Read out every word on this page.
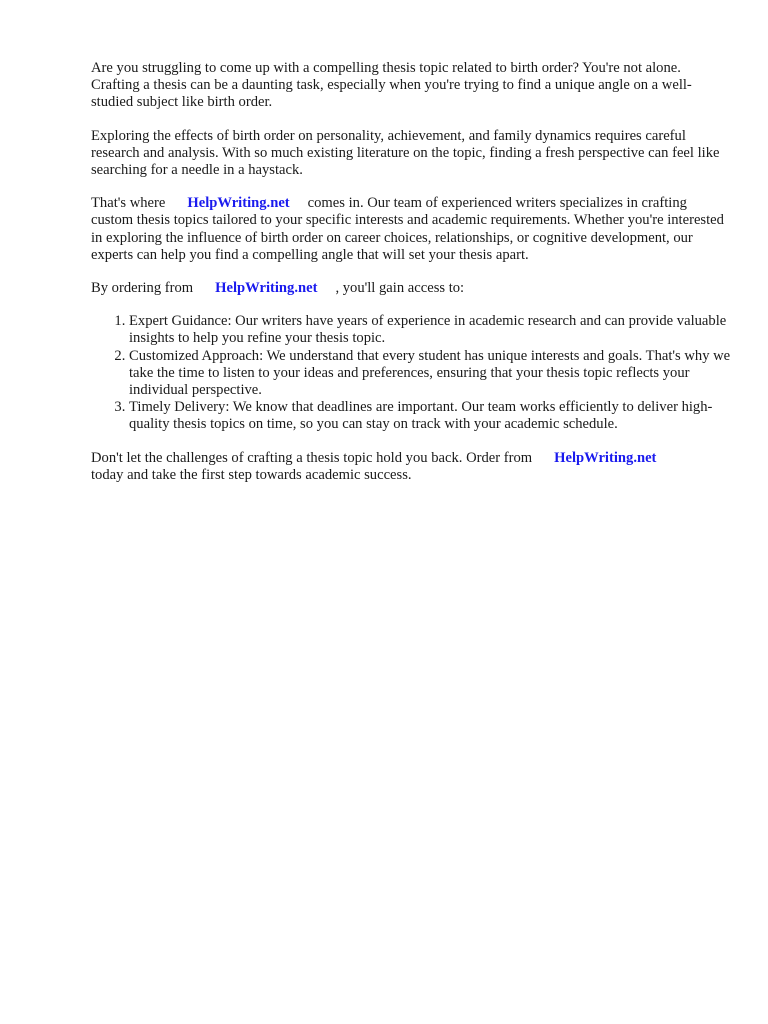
Are you struggling to come up with a compelling thesis topic related to birth order? You're not alone. Crafting a thesis can be a daunting task, especially when you're trying to find a unique angle on a well-studied subject like birth order.

Exploring the effects of birth order on personality, achievement, and family dynamics requires careful research and analysis. With so much existing literature on the topic, finding a fresh perspective can feel like searching for a needle in a haystack.

That's where HelpWriting.net comes in. Our team of experienced writers specializes in crafting custom thesis topics tailored to your specific interests and academic requirements. Whether you're interested in exploring the influence of birth order on career choices, relationships, or cognitive development, our experts can help you find a compelling angle that will set your thesis apart.

By ordering from HelpWriting.net , you'll gain access to:

1. Expert Guidance: Our writers have years of experience in academic research and can provide valuable insights to help you refine your thesis topic.
2. Customized Approach: We understand that every student has unique interests and goals. That's why we take the time to listen to your ideas and preferences, ensuring that your thesis topic reflects your individual perspective.
3. Timely Delivery: We know that deadlines are important. Our team works efficiently to deliver high-quality thesis topics on time, so you can stay on track with your academic schedule.

Don't let the challenges of crafting a thesis topic hold you back. Order from HelpWriting.net
today and take the first step towards academic success.
